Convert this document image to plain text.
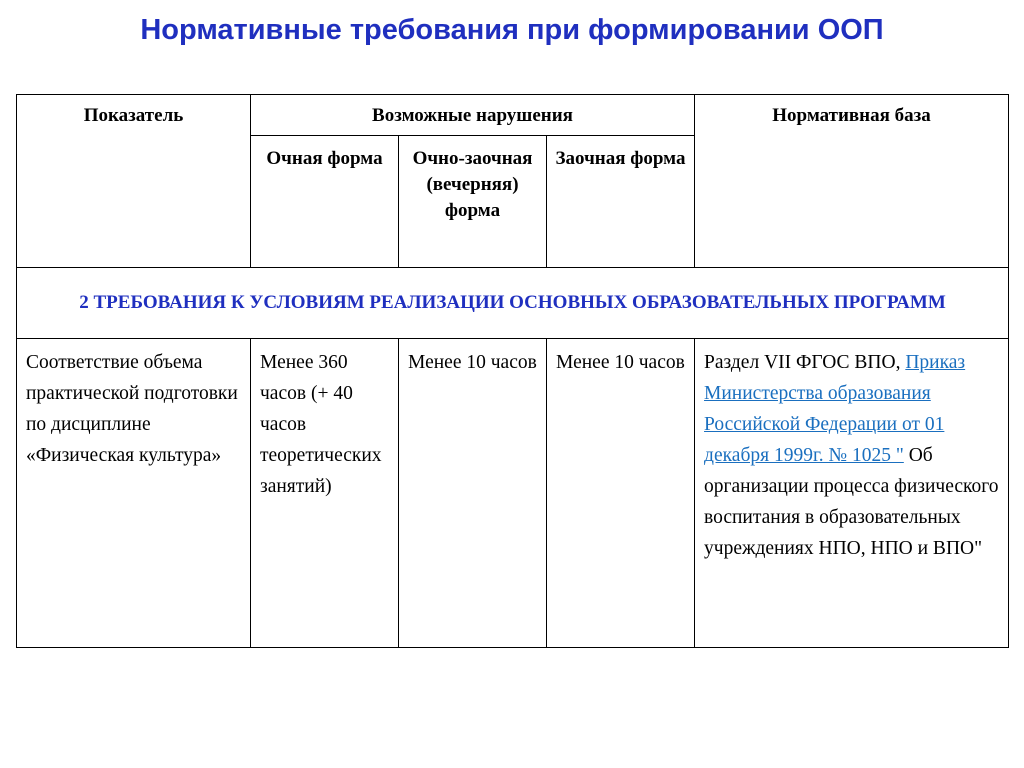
Нормативные требования при формировании ООП
Показатель	Возможные нарушения			Нормативная база
	Очная форма	Очно-заочная (вечерняя) форма	Заочная форма	
2 ТРЕБОВАНИЯ К УСЛОВИЯМ РЕАЛИЗАЦИИ ОСНОВНЫХ ОБРАЗОВАТЕЛЬНЫХ ПРОГРАММ				
Соответствие объема практической подготовки по дисциплине «Физическая культура»	Менее 360 часов (+ 40 часов теоретических занятий)	Менее 10 часов	Менее 10 часов	Раздел VII ФГОС ВПО, Приказ Министерства образования Российской Федерации от 01 декабря 1999г. № 1025 " Об организации процесса физического воспитания в образовательных учреждениях НПО, НПО и ВПО"
